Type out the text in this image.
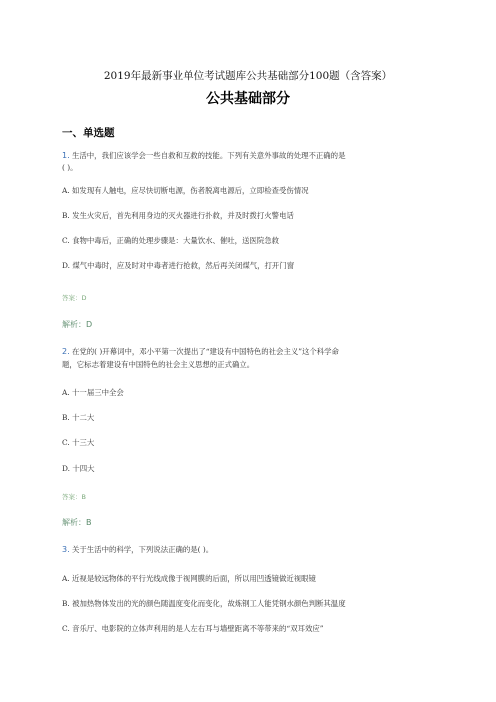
2019年最新事业单位考试题库公共基础部分100题（含答案）
公共基础部分
一、单选题
1. 生活中，我们应该学会一些自救和互救的技能。下列有关意外事故的处理不正确的是
( )。
A. 如发现有人触电，应尽快切断电源，伤者脱离电源后，立即检查受伤情况
B. 发生火灾后，首先利用身边的灭火器进行扑救，并及时拨打火警电话
C. 食物中毒后，正确的处理步骤是：大量饮水、催吐，送医院急救
D. 煤气中毒时，应及时对中毒者进行抢救，然后再关闭煤气，打开门窗
答案：D
解析：D
2. 在党的( )开幕词中，邓小平第一次提出了“建设有中国特色的社会主义”这个科学命
题，它标志着建设有中国特色的社会主义思想的正式确立。
A. 十一届三中全会
B. 十二大
C. 十三大
D. 十四大
答案：B
解析：B
3. 关于生活中的科学，下列说法正确的是( )。
A. 近视是较远物体的平行光线成像于视网膜的后面，所以用凹透镜做近视眼镜
B. 被加热物体发出的光的颜色随温度变化而变化，故炼钢工人能凭钢水颜色判断其温度
C. 音乐厅、电影院的立体声利用的是人左右耳与墙壁距离不等带来的“双耳效应”
